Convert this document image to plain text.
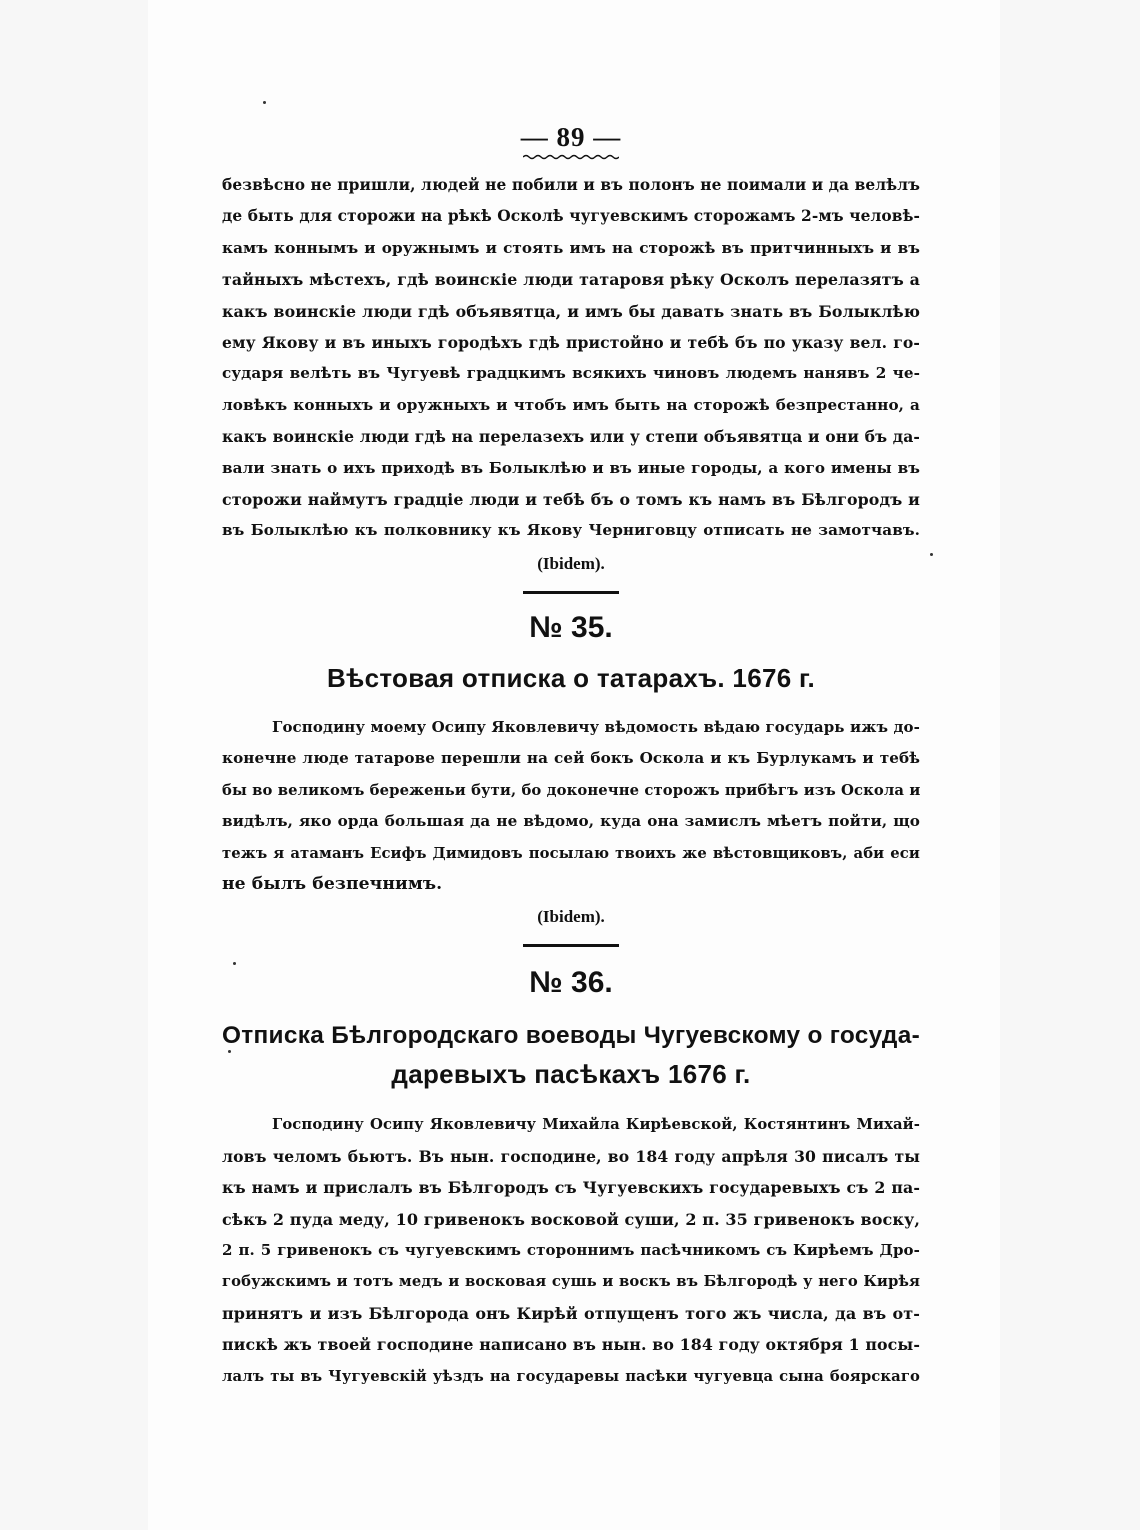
— 89 —
безвѣсно не пришли, людей не побили и въ полонъ не поимали и да велѣлъ
де быть для сторожи на рѣкѣ Осколѣ чугуевскимъ сторожамъ 2-мъ человѣ-
камъ коннымъ и оружнымъ и стоять имъ на сторожѣ въ притчинныхъ и въ
тайныхъ мѣстехъ, гдѣ воинскіе люди татаровя рѣку Осколъ перелазятъ а
какъ воинскіе люди гдѣ объявятца, и имъ бы давать знать въ Болыклѣю
ему Якову и въ иныхъ городѣхъ гдѣ пристойно и тебѣ бъ по указу вел. го-
сударя велѣть въ Чугуевѣ градцкимъ всякихъ чиновъ людемъ нанявъ 2 че-
ловѣкъ конныхъ и оружныхъ и чтобъ имъ быть на сторожѣ безпрестанно, а
какъ воинскіе люди гдѣ на перелазехъ или у степи объявятца и они бъ да-
вали знать о ихъ приходѣ въ Болыклѣю и въ иные городы, а кого имены въ
сторожи наймутъ градціе люди и тебѣ бъ о томъ къ намъ въ Бѣлгородъ и
въ Болыклѣю къ полковнику къ Якову Черниговцу отписать не замотчавъ.
(Ibidem).
№ 35.
Вѣстовая отписка о татарахъ. 1676 г.
Господину моему Осипу Яковлевичу вѣдомость вѣдаю государь ижъ до-
конечне люде татарове перешли на сей бокъ Оскола и къ Бурлукамъ и тебѣ
бы во великомъ береженьи бути, бо доконечне сторожъ прибѣгъ изъ Оскола и
видѣлъ, яко орда большая да не вѣдомо, куда она замислъ мѣетъ пойти, що
тежъ я атаманъ Есифъ Димидовъ посылаю твоихъ же вѣстовщиковъ, аби еси
не былъ безпечнимъ.
(Ibidem).
№ 36.
Отписка Бѣлгородскаго воеводы Чугуевскому о госуда-
даревыхъ пасѣкахъ 1676 г.
Господину Осипу Яковлевичу Михайла Кирѣевской, Костянтинъ Михай-
ловъ челомъ бьютъ. Въ нын. господине, во 184 году апрѣля 30 писалъ ты
къ намъ и прислалъ въ Бѣлгородъ съ Чугуевскихъ государевыхъ съ 2 па-
сѣкъ 2 пуда меду, 10 гривенокъ восковой суши, 2 п. 35 гривенокъ воску,
2 п. 5 гривенокъ съ чугуевскимъ стороннимъ пасѣчникомъ съ Кирѣемъ Дро-
гобужскимъ и тотъ медъ и восковая сушь и воскъ въ Бѣлгородѣ у него Кирѣя
принятъ и изъ Бѣлгорода онъ Кирѣй отпущенъ того жъ числа, да въ от-
пискѣ жъ твоей господине написано въ нын. во 184 году октября 1 посы-
лалъ ты въ Чугуевскій уѣздъ на государевы пасѣки чугуевца сына боярскаго
